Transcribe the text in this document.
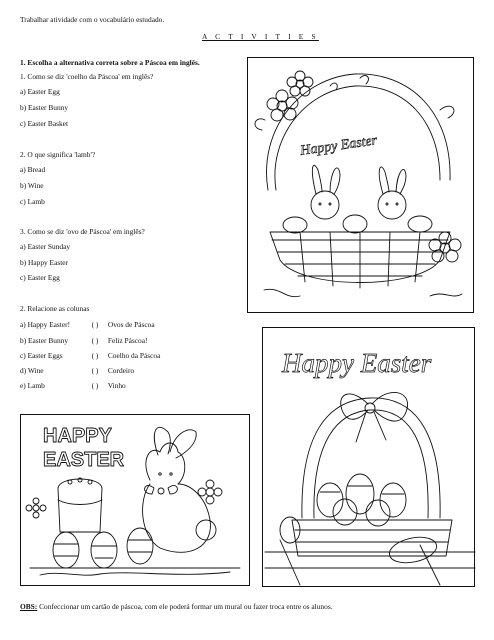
Trabalhar atividade com o vocabulário estudado.
A C T I V I T I E S
1. Escolha a alternativa correta sobre a Páscoa em inglês.
1. Como se diz 'coelho da Páscoa' em inglês?
a) Easter Egg
b) Easter Bunny
c) Easter Basket
2. O que significa 'lamb'?
a) Bread
b) Wine
c) Lamb
3. Como se diz 'ovo de Páscoa' em inglês?
a) Easter Sunday
b) Happy Easter
c) Easter Egg
2. Relacione as colunas
a) Happy Easter!	( ) Ovos de Páscoa
b) Easter Bunny	( ) Feliz Páscoa!
c) Easter Eggs	( ) Coelho da Páscoa
d) Wine	( ) Cordeiro
e) Lamb	( ) Vinho
Happy Easter
Happy Easter
HAPPY
EASTER
OBS: Confeccionar um cartão de páscoa, com ele poderá formar um mural ou fazer troca entre os alunos.
